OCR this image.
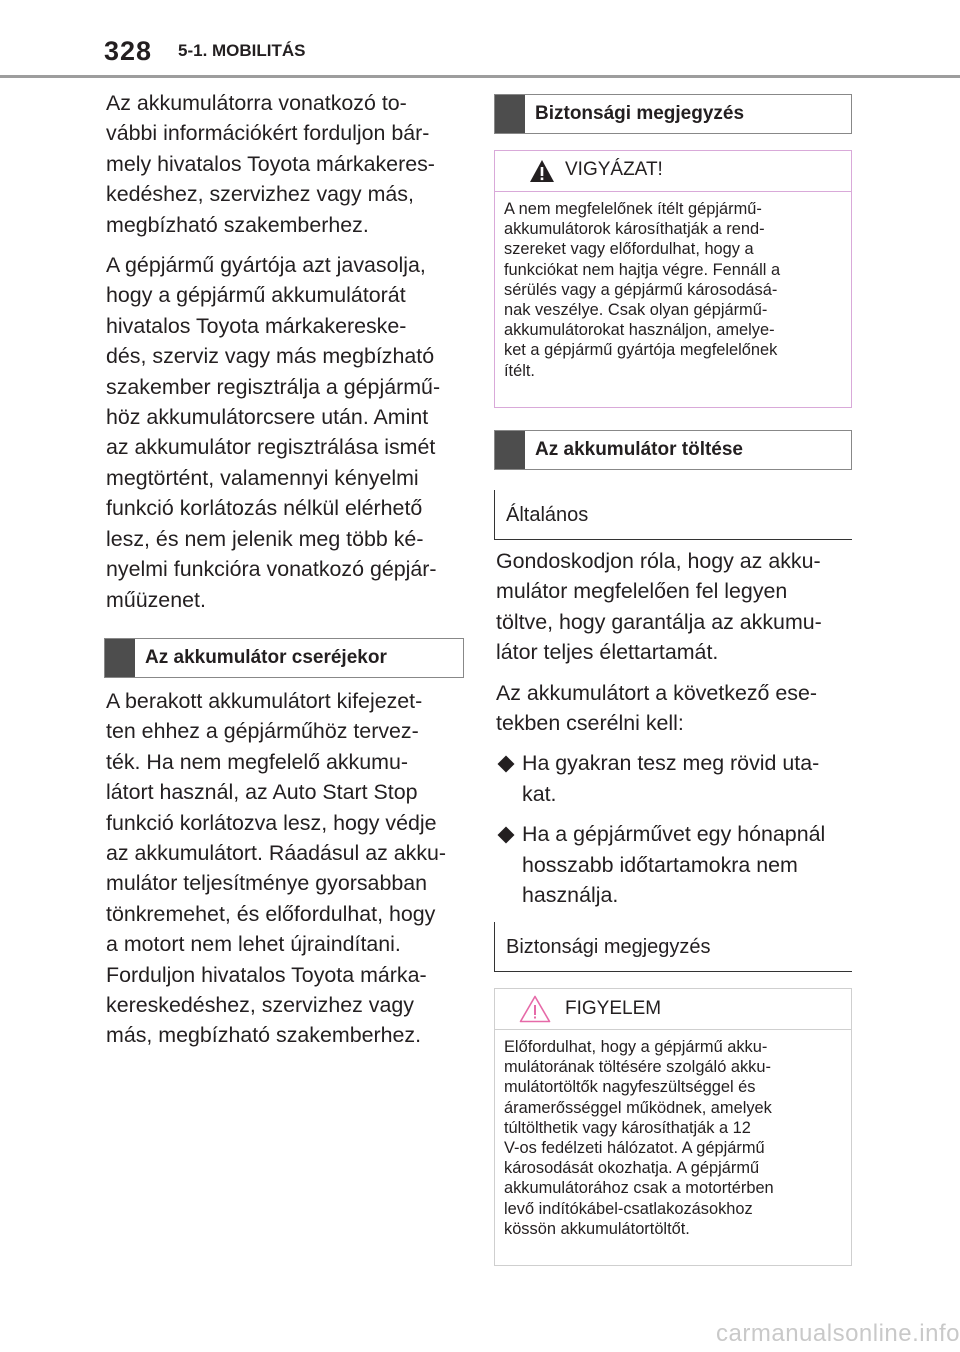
328 5-1. MOBILITÁS
Az akkumulátorra vonatkozó to-
vábbi információkért forduljon bár-
mely hivatalos Toyota márkakeres-
kedéshez, szervizhez vagy más,
megbízható szakemberhez.
A gépjármű gyártója azt javasolja,
hogy a gépjármű akkumulátorát
hivatalos Toyota márkakereske-
dés, szerviz vagy más megbízható
szakember regisztrálja a gépjármű-
höz akkumulátorcsere után. Amint
az akkumulátor regisztrálása ismét
megtörtént, valamennyi kényelmi
funkció korlátozás nélkül elérhető
lesz, és nem jelenik meg több ké-
nyelmi funkcióra vonatkozó gépjár-
műüzenet.
Az akkumulátor cseréjekor
A berakott akkumulátort kifejezet-
ten ehhez a gépjárműhöz tervez-
ték. Ha nem megfelelő akkumu-
látort használ, az Auto Start Stop
funkció korlátozva lesz, hogy védje
az akkumulátort. Ráadásul az akku-
mulátor teljesítménye gyorsabban
tönkremehet, és előfordulhat, hogy
a motort nem lehet újraindítani.
Forduljon hivatalos Toyota márka-
kereskedéshez, szervizhez vagy
más, megbízható szakemberhez.
Biztonsági megjegyzés
VIGYÁZAT!
A nem megfelelőnek ítélt gépjármű-
akkumulátorok károsíthatják a rend-
szereket vagy előfordulhat, hogy a
funkciókat nem hajtja végre. Fennáll a
sérülés vagy a gépjármű károsodásá-
nak veszélye. Csak olyan gépjármű-
akkumulátorokat használjon, amelye-
ket a gépjármű gyártója megfelelőnek
ítélt.
Az akkumulátor töltése
Általános
Gondoskodjon róla, hogy az akku-
mulátor megfelelően fel legyen
töltve, hogy garantálja az akkumu-
látor teljes élettartamát.
Az akkumulátort a következő ese-
tekben cserélni kell:
Ha gyakran tesz meg rövid uta-
kat.
Ha a gépjárművet egy hónapnál
hosszabb időtartamokra nem
használja.
Biztonsági megjegyzés
FIGYELEM
Előfordulhat, hogy a gépjármű akku-
mulátorának töltésére szolgáló akku-
mulátortöltők nagyfeszültséggel és
áramerősséggel működnek, amelyek
túltölthetik vagy károsíthatják a 12
V-os fedélzeti hálózatot. A gépjármű
károsodását okozhatja. A gépjármű
akkumulátorához csak a motortérben
levő indítókábel-csatlakozásokhoz
kössön akkumulátortöltőt.
carmanualsonline.info
